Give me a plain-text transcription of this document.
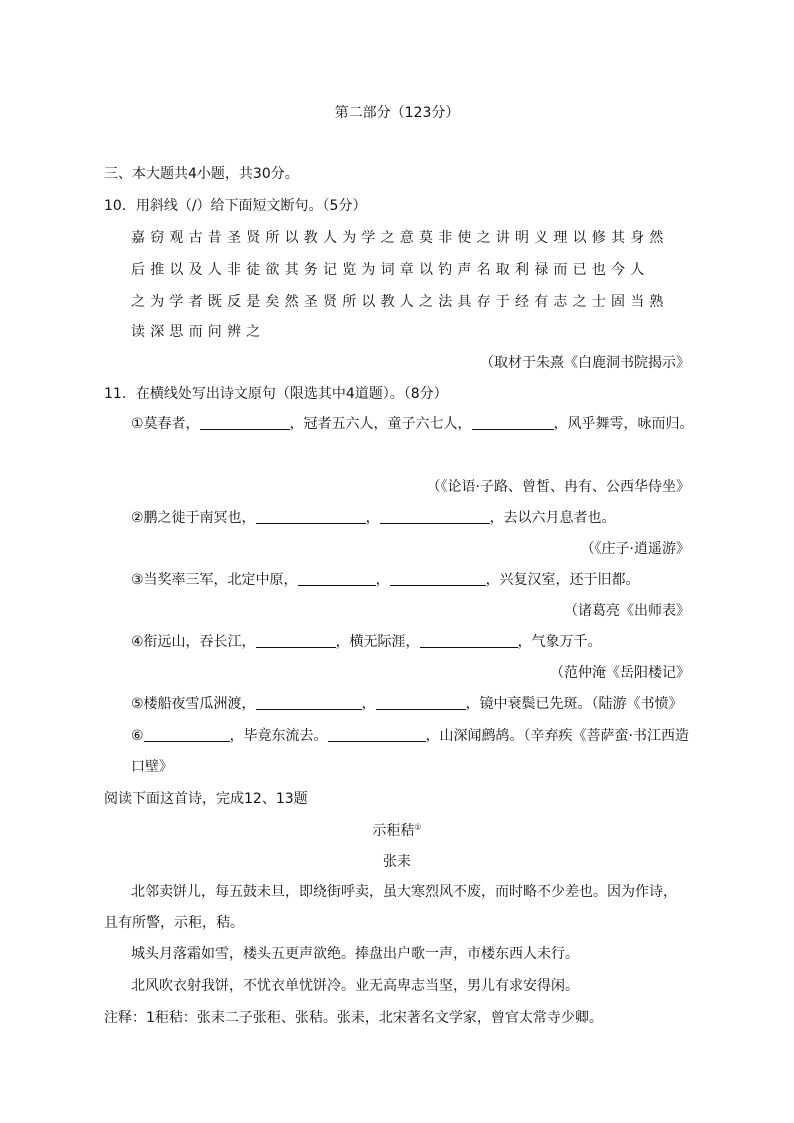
第二部分（123分）
三、本大题共4小题，共30分。
10．用斜线（/）给下面短文断句。（5分）
嘉窃观古昔圣贤所以教人为学之意莫非使之讲明义理以修其身然
后推以及人非徒欲其务记览为词章以钓声名取利禄而已也今人
之为学者既反是矣然圣贤所以教人之法具存于经有志之士固当熟
读深思而问辨之
（取材于朱熹《白鹿洞书院揭示》
11．在横线处写出诗文原句（限选其中4道题）。（8分）
①莫春者，	，冠者五六人，童子六七人，	，风乎舞雩，咏而归。
（《论语·子路、曾皙、冉有、公西华侍坐》
②鹏之徙于南冥也，	，	，去以六月息者也。
（《庄子·逍遥游》
③当奖率三军，北定中原，	，	，兴复汉室，还于旧都。
（诸葛亮《出师表》
④衔远山，吞长江，	，横无际涯，	，气象万千。
（范仲淹《岳阳楼记》
⑤楼船夜雪瓜洲渡，	，	，镜中衰鬓已先斑。（陆游《书愤》
⑥	，毕竟东流去。	，山深闻鹧鸪。（辛弃疾《菩萨蛮·书江西造
口壁》
阅读下面这首诗，完成12、13题
示秬秸①
张耒
北邻卖饼儿，每五鼓未旦，即绕街呼卖，虽大寒烈风不废，而时略不少差也。因为作诗，
且有所警，示秬，秸。
城头月落霜如雪，楼头五更声欲绝。捧盘出户歌一声，市楼东西人未行。
北风吹衣射我饼，不忧衣单忧饼冷。业无高卑志当坚，男儿有求安得闲。
注释：1秬秸：张耒二子张秬、张秸。张耒，北宋著名文学家，曾官太常寺少卿。
